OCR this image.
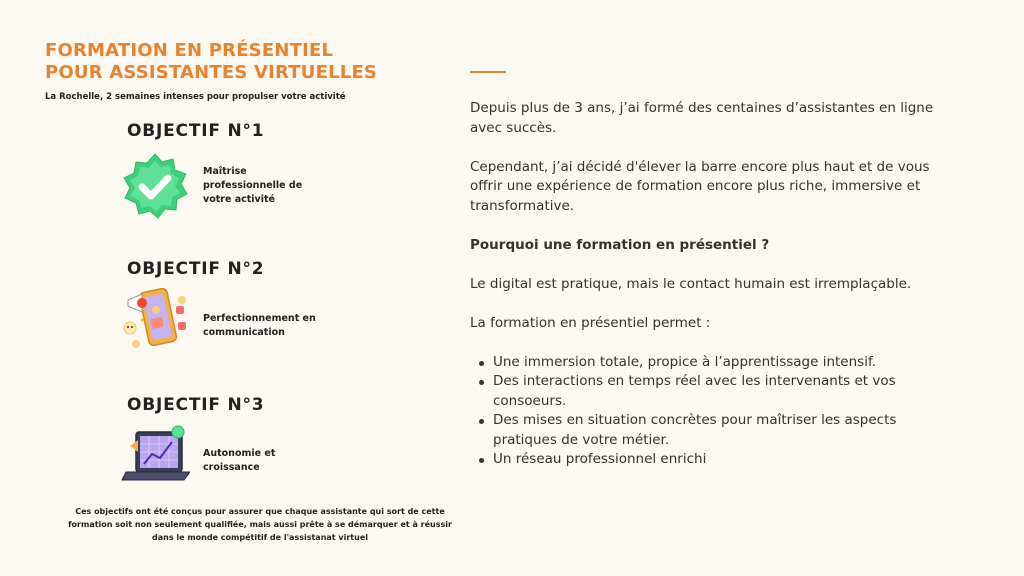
FORMATION EN PRÉSENTIEL
POUR ASSISTANTES VIRTUELLES
La Rochelle, 2 semaines intenses pour propulser votre activité
OBJECTIF N°1
Maîtrise professionnelle de votre activité
OBJECTIF N°2
Perfectionnement en communication
OBJECTIF N°3
Autonomie et croissance
Ces objectifs ont été conçus pour assurer que chaque assistante qui sort de cette formation soit non seulement qualifiée, mais aussi prête à se démarquer et à réussir dans le monde compétitif de l'assistanat virtuel

Depuis plus de 3 ans, j’ai formé des centaines d’assistantes en ligne avec succès.

Cependant, j’ai décidé d'élever la barre encore plus haut et de vous offrir une expérience de formation encore plus riche, immersive et transformative.

Pourquoi une formation en présentiel ?

Le digital est pratique, mais le contact humain est irremplaçable.

La formation en présentiel permet :

Une immersion totale, propice à l’apprentissage intensif.
Des interactions en temps réel avec les intervenants et vos consoeurs.
Des mises en situation concrètes pour maîtriser les aspects pratiques de votre métier.
Un réseau professionnel enrichi
